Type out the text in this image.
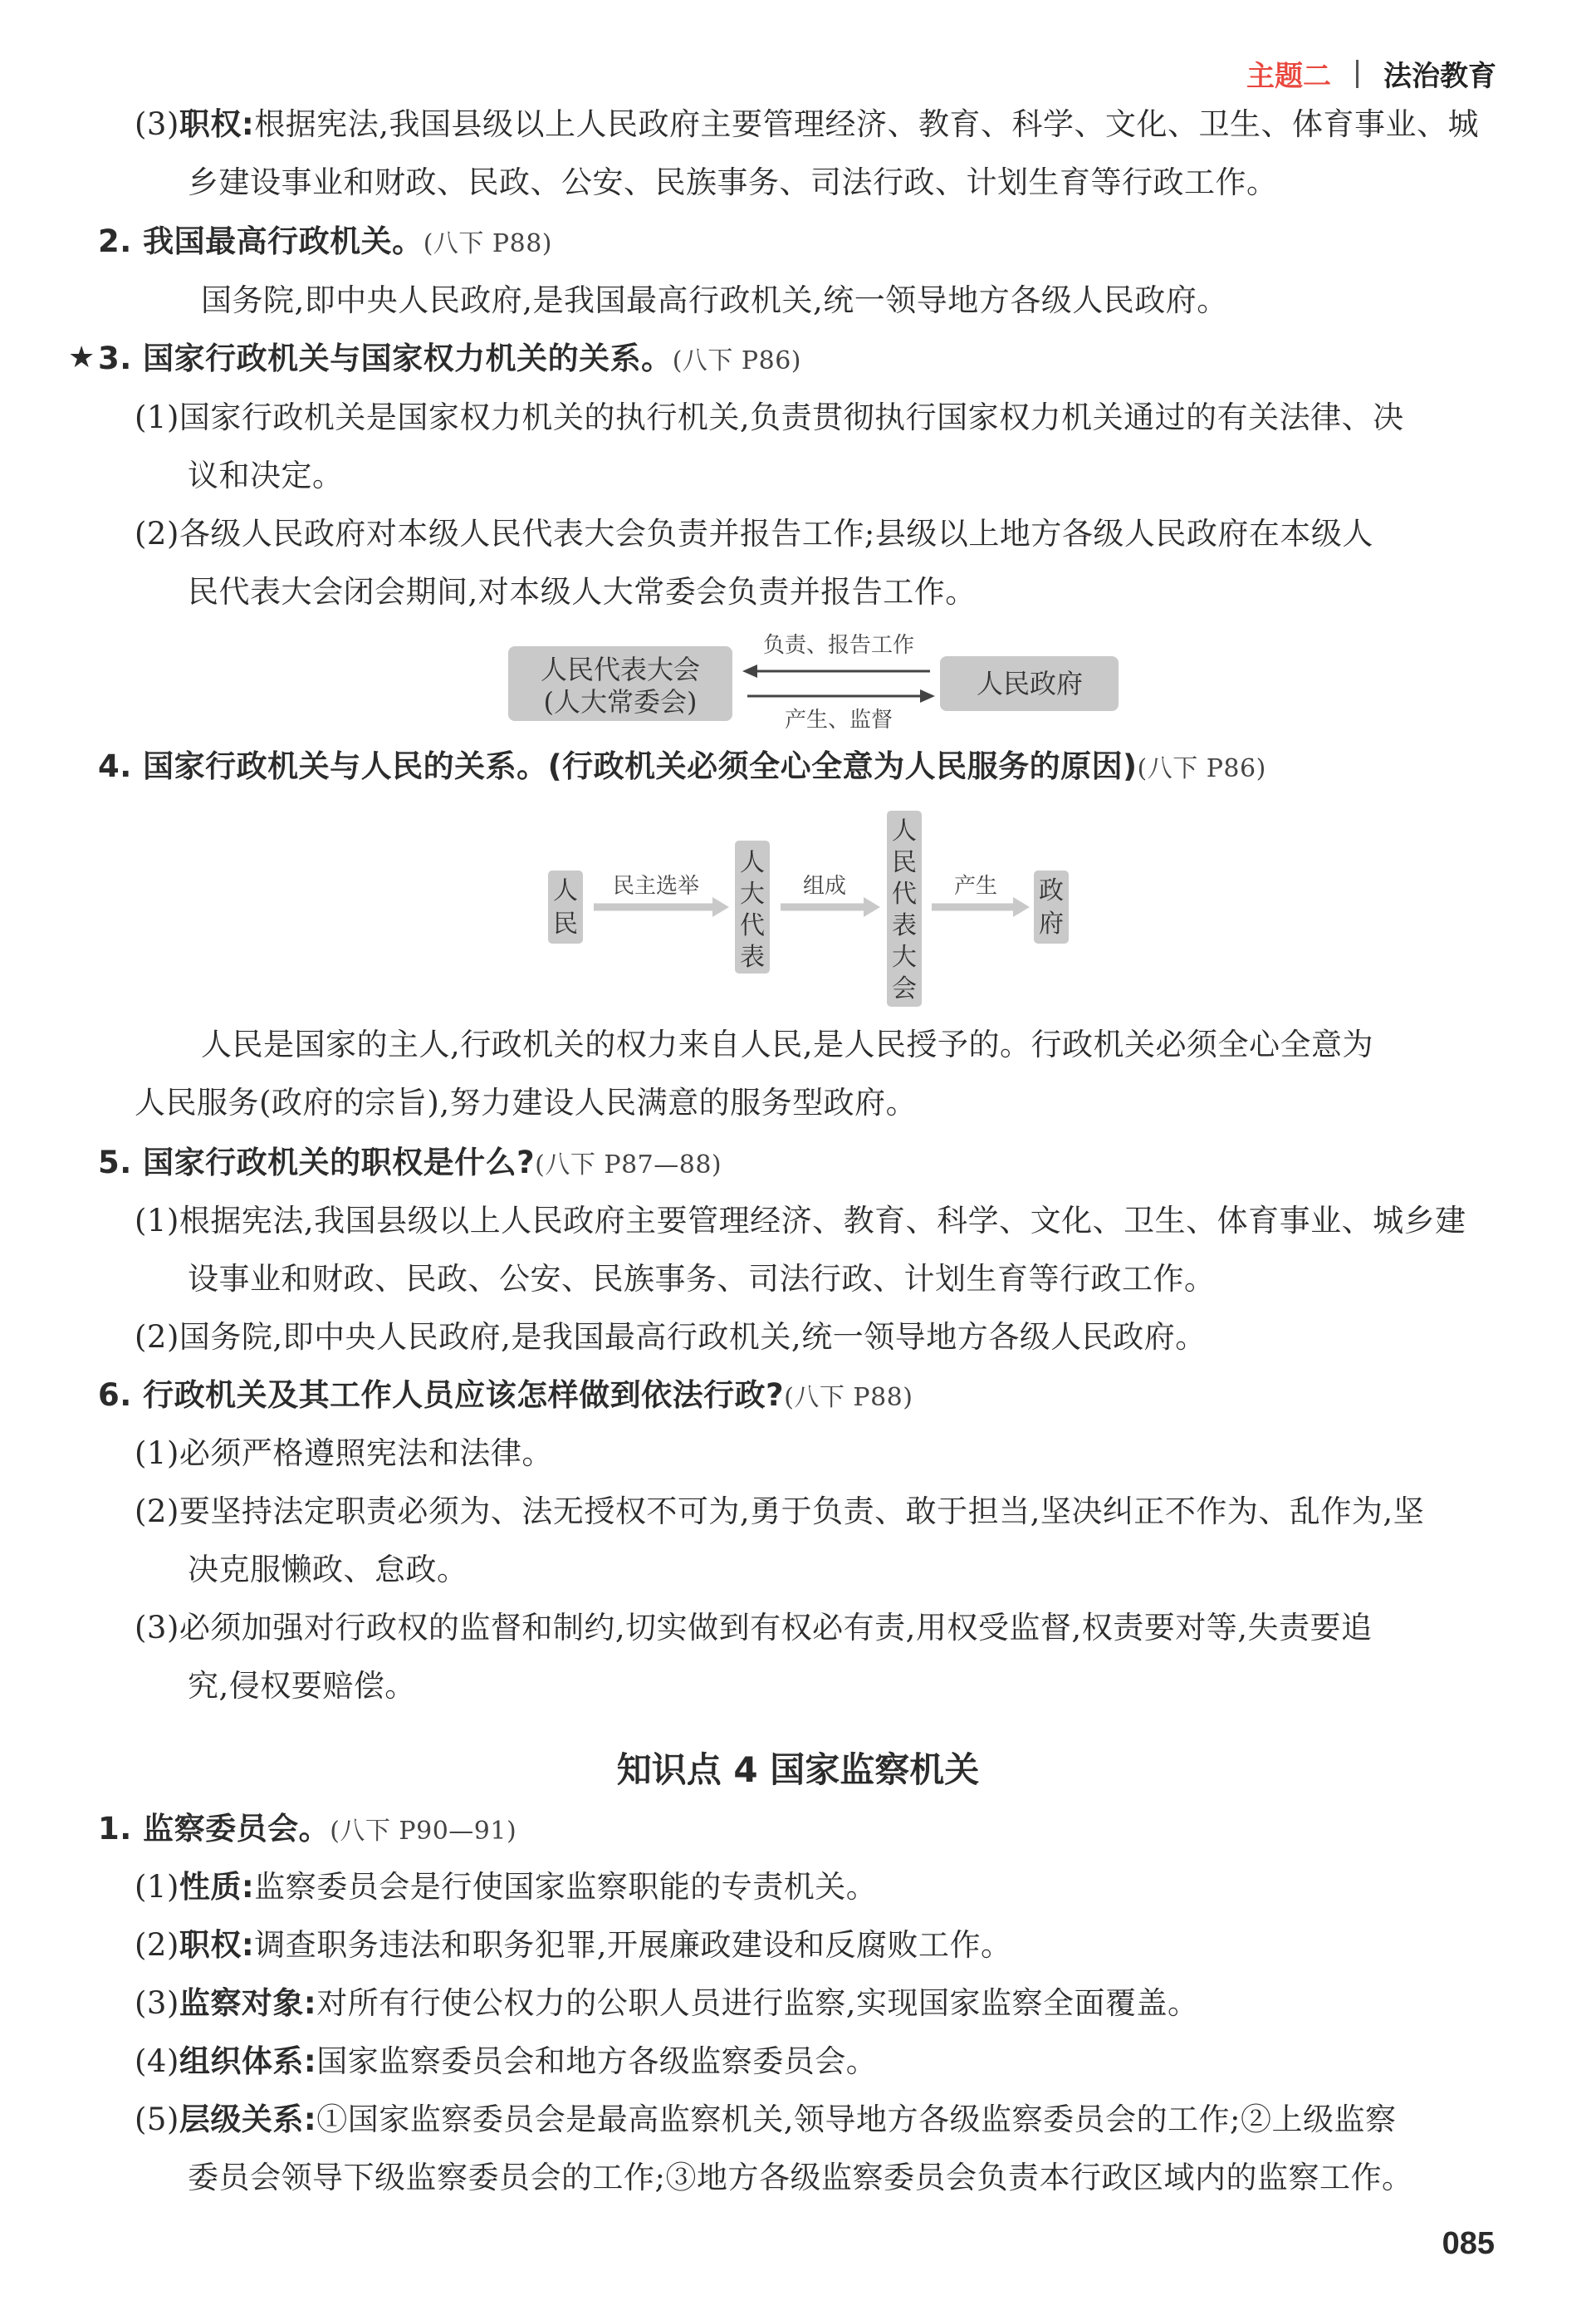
主题二 法治教育
(3)职权:根据宪法,我国县级以上人民政府主要管理经济、教育、科学、文化、卫生、体育事业、城
乡建设事业和财政、民政、公安、民族事务、司法行政、计划生育等行政工作。
2. 我国最高行政机关。(八下 P88)
国务院,即中央人民政府,是我国最高行政机关,统一领导地方各级人民政府。
★ 3. 国家行政机关与国家权力机关的关系。(八下 P86)
(1)国家行政机关是国家权力机关的执行机关,负责贯彻执行国家权力机关通过的有关法律、决
议和决定。
(2)各级人民政府对本级人民代表大会负责并报告工作;县级以上地方各级人民政府在本级人
民代表大会闭会期间,对本级人大常委会负责并报告工作。
人民代表大会
(人大常委会)
人民政府
负责、报告工作
产生、监督
4. 国家行政机关与人民的关系。(行政机关必须全心全意为人民服务的原因)(八下 P86)
人
民
民主选举
人
大
代
表
组成
人
民
代
表
大
会
产生 政
府
人民是国家的主人,行政机关的权力来自人民,是人民授予的。行政机关必须全心全意为
人民服务(政府的宗旨),努力建设人民满意的服务型政府。
5. 国家行政机关的职权是什么?(八下 P87—88)
(1)根据宪法,我国县级以上人民政府主要管理经济、教育、科学、文化、卫生、体育事业、城乡建
设事业和财政、民政、公安、民族事务、司法行政、计划生育等行政工作。
(2)国务院,即中央人民政府,是我国最高行政机关,统一领导地方各级人民政府。
6. 行政机关及其工作人员应该怎样做到依法行政?(八下 P88)
(1)必须严格遵照宪法和法律。
(2)要坚持法定职责必须为、法无授权不可为,勇于负责、敢于担当,坚决纠正不作为、乱作为,坚
决克服懒政、怠政。
(3)必须加强对行政权的监督和制约,切实做到有权必有责,用权受监督,权责要对等,失责要追
究,侵权要赔偿。
知识点 4 国家监察机关
1. 监察委员会。(八下 P90—91)
(1)性质:监察委员会是行使国家监察职能的专责机关。
(2)职权:调查职务违法和职务犯罪,开展廉政建设和反腐败工作。
(3)监察对象:对所有行使公权力的公职人员进行监察,实现国家监察全面覆盖。
(4)组织体系:国家监察委员会和地方各级监察委员会。
(5)层级关系:①国家监察委员会是最高监察机关,领导地方各级监察委员会的工作;②上级监察
委员会领导下级监察委员会的工作;③地方各级监察委员会负责本行政区域内的监察工作。
085
